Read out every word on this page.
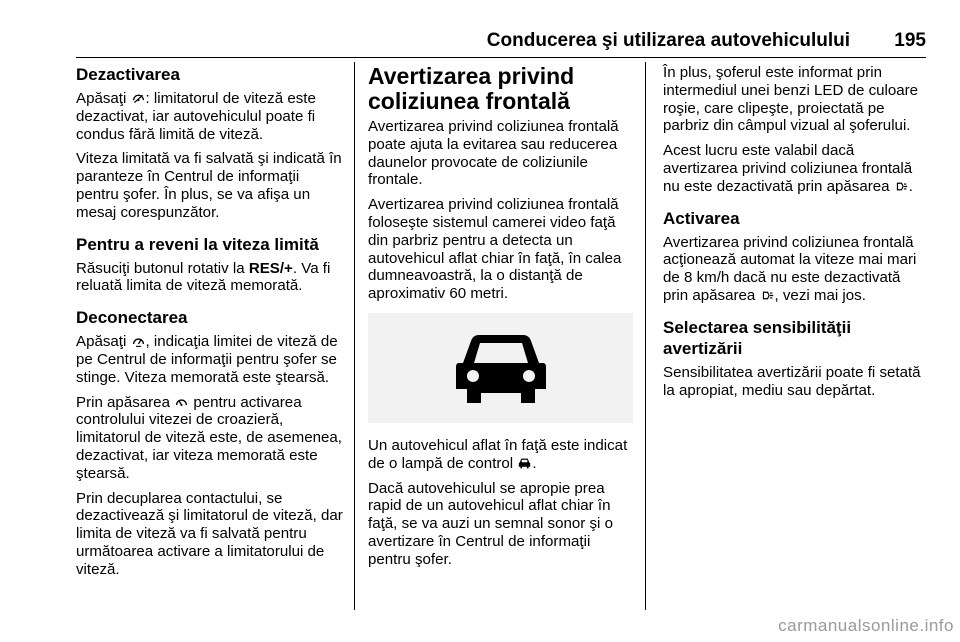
Conducerea şi utilizarea autovehiculului 195
Dezactivarea

Apăsaţi
: limitatorul de viteză este dezactivat, iar autovehiculul poate fi condus fără limită de viteză.

Viteza limitată va fi salvată şi indicată în paranteze în Centrul de informaţii pentru şofer. În plus, se va afişa un mesaj corespunzător.

Pentru a reveni la viteza limită

Răsuciţi butonul rotativ la RES/+. Va fi reluată limita de viteză memorată.

Deconectarea

Apăsaţi
, indicaţia limitei de viteză de pe Centrul de informaţii pentru şofer se stinge. Viteza memorată este ştearsă.

Prin apăsarea
pentru activarea controlului vitezei de croazieră, limitatorul de viteză este, de asemenea, dezactivat, iar viteza memorată este ştearsă.

Prin decuplarea contactului, se dezactivează şi limitatorul de viteză, dar limita de viteză va fi salvată pentru următoarea activare a limitatorului de viteză.

Avertizarea privind coliziunea frontală

Avertizarea privind coliziunea frontală poate ajuta la evitarea sau reducerea daunelor provocate de coliziunile frontale.

Avertizarea privind coliziunea frontală foloseşte sistemul camerei video faţă din parbriz pentru a detecta un autovehicul aflat chiar în faţă, în calea dumneavoastră, la o distanţă de aproximativ 60 metri.

Un autovehicul aflat în faţă este indicat de o lampă de control
.

Dacă autovehiculul se apropie prea rapid de un autovehicul aflat chiar în faţă, se va auzi un semnal sonor şi o avertizare în Centrul de informaţii pentru şofer.

În plus, şoferul este informat prin intermediul unei benzi LED de culoare roşie, care clipeşte, proiectată pe parbriz din câmpul vizual al şoferului.

Acest lucru este valabil dacă avertizarea privind coliziunea frontală nu este dezactivată prin apăsarea
.

Activarea

Avertizarea privind coliziunea frontală acţionează automat la viteze mai mari de 8 km/h dacă nu este dezactivată prin apăsarea
, vezi mai jos.

Selectarea sensibilităţii avertizării

Sensibilitatea avertizării poate fi setată la apropiat, mediu sau depărtat.

carmanualsonline.info
